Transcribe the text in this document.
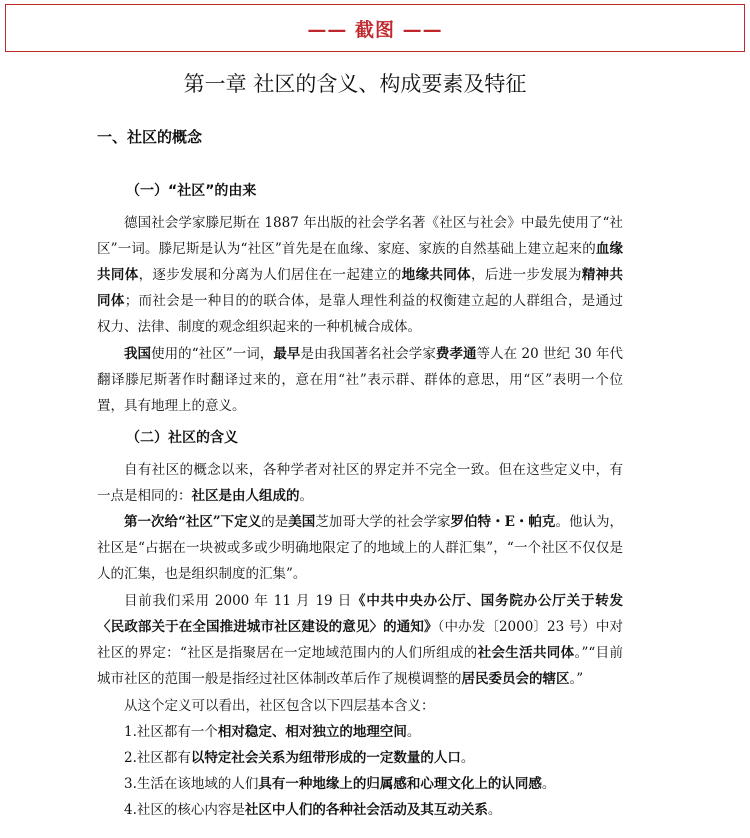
—— 截图 ——
第一章 社区的含义、构成要素及特征
一、社区的概念
（一）“社区”的由来

德国社会学家滕尼斯在 1887 年出版的社会学名著《社区与社会》中最先使用了“社区”一词。滕尼斯是认为“社区”首先是在血缘、家庭、家族的自然基础上建立起来的血缘共同体，逐步发展和分离为人们居住在一起建立的地缘共同体，后进一步发展为精神共同体；而社会是一种目的的联合体，是靠人理性利益的权衡建立起的人群组合，是通过权力、法律、制度的观念组织起来的一种机械合成体。

我国使用的“社区”一词，最早是由我国著名社会学家费孝通等人在 20 世纪 30 年代翻译滕尼斯著作时翻译过来的，意在用“社”表示群、群体的意思，用“区”表明一个位置，具有地理上的意义。

（二）社区的含义

自有社区的概念以来，各种学者对社区的界定并不完全一致。但在这些定义中，有一点是相同的：社区是由人组成的。

第一次给“社区”下定义的是美国芝加哥大学的社会学家罗伯特・E・帕克。他认为，社区是“占据在一块被或多或少明确地限定了的地域上的人群汇集”，“一个社区不仅仅是人的汇集，也是组织制度的汇集”。

目前我们采用 2000 年 11 月 19 日《中共中央办公厅、国务院办公厅关于转发〈民政部关于在全国推进城市社区建设的意见〉的通知》（中办发〔2000〕23 号）中对社区的界定：“社区是指聚居在一定地域范围内的人们所组成的社会生活共同体。”“目前城市社区的范围一般是指经过社区体制改革后作了规模调整的居民委员会的辖区。”

从这个定义可以看出，社区包含以下四层基本含义：

1.社区都有一个相对稳定、相对独立的地理空间。

2.社区都有以特定社会关系为纽带形成的一定数量的人口。

3.生活在该地域的人们具有一种地缘上的归属感和心理文化上的认同感。

4.社区的核心内容是社区中人们的各种社会活动及其互动关系。
